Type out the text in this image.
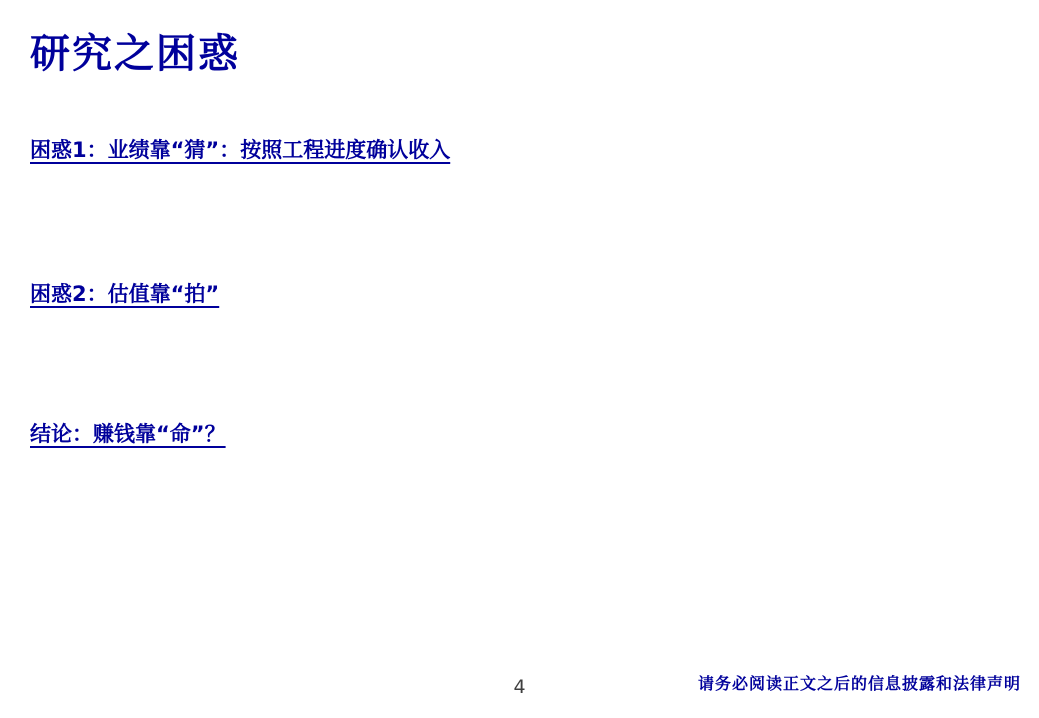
研究之困惑
困惑1：业绩靠“猜”：按照工程进度确认收入
困惑2：估值靠“拍”
结论：赚钱靠“命”？
4	请务必阅读正文之后的信息披露和法律声明
